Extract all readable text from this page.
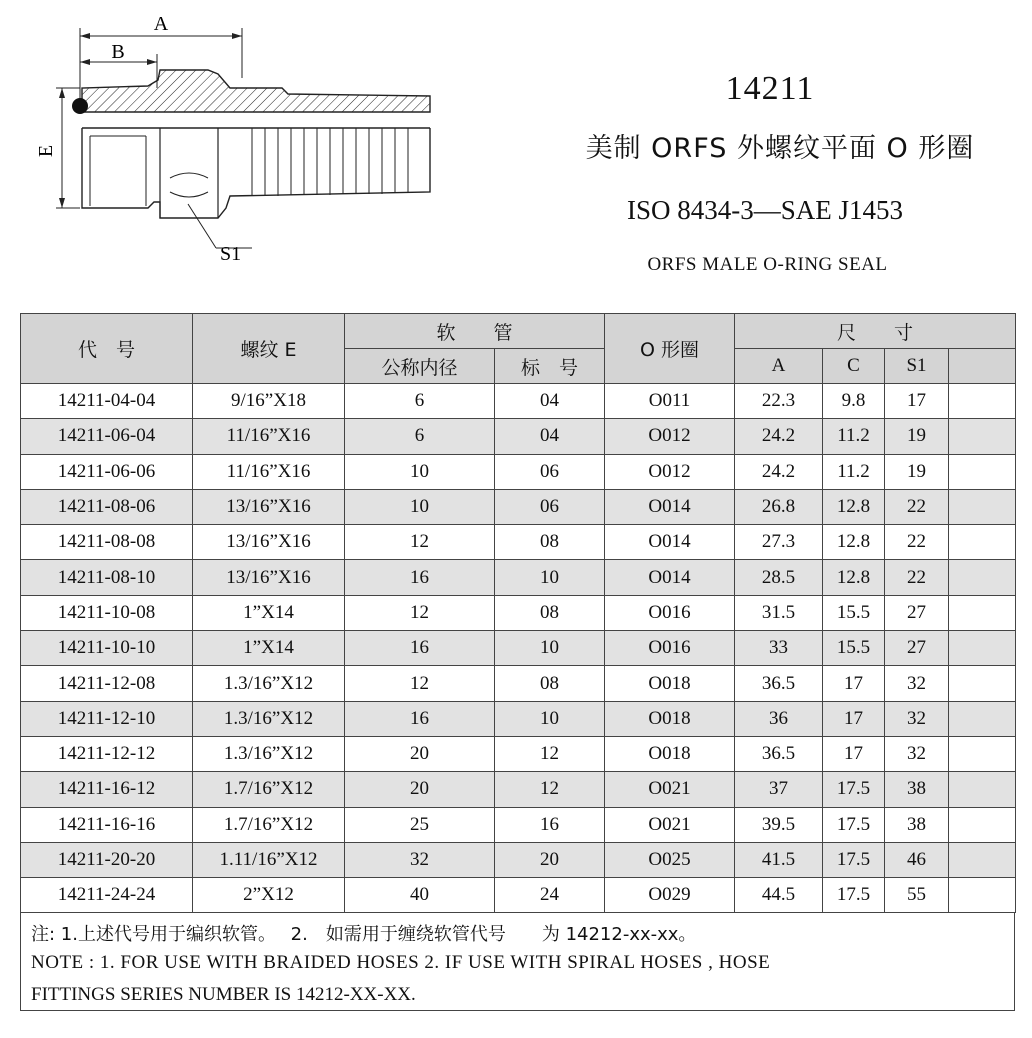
A
B
E
S1
14211
美制 ORFS 外螺纹平面 O 形圈
ISO 8434-3—SAE J1453
ORFS MALE O-RING SEAL
代　号	螺纹 E	软　　管		O 形圈	尺　　寸			
		公称内径	标　号		A	C	S1	
14211-04-04	9/16”X18	6	04	O011	22.3	9.8	17	
14211-06-04	11/16”X16	6	04	O012	24.2	11.2	19	
14211-06-06	11/16”X16	10	06	O012	24.2	11.2	19	
14211-08-06	13/16”X16	10	06	O014	26.8	12.8	22	
14211-08-08	13/16”X16	12	08	O014	27.3	12.8	22	
14211-08-10	13/16”X16	16	10	O014	28.5	12.8	22	
14211-10-08	1”X14	12	08	O016	31.5	15.5	27	
14211-10-10	1”X14	16	10	O016	33	15.5	27	
14211-12-08	1.3/16”X12	12	08	O018	36.5	17	32	
14211-12-10	1.3/16”X12	16	10	O018	36	17	32	
14211-12-12	1.3/16”X12	20	12	O018	36.5	17	32	
14211-16-12	1.7/16”X12	20	12	O021	37	17.5	38	
14211-16-16	1.7/16”X12	25	16	O021	39.5	17.5	38	
14211-20-20	1.11/16”X12	32	20	O025	41.5	17.5	46	
14211-24-24	2”X12	40	24	O029	44.5	17.5	55	
注: 1.上述代号用于编织软管。　 2.　如需用于缠绕软管代号　　为 14212-xx-xx。
NOTE : 1. FOR USE WITH BRAIDED HOSES 2. IF USE WITH SPIRAL HOSES , HOSE
FITTINGS SERIES NUMBER IS 14212-XX-XX.
